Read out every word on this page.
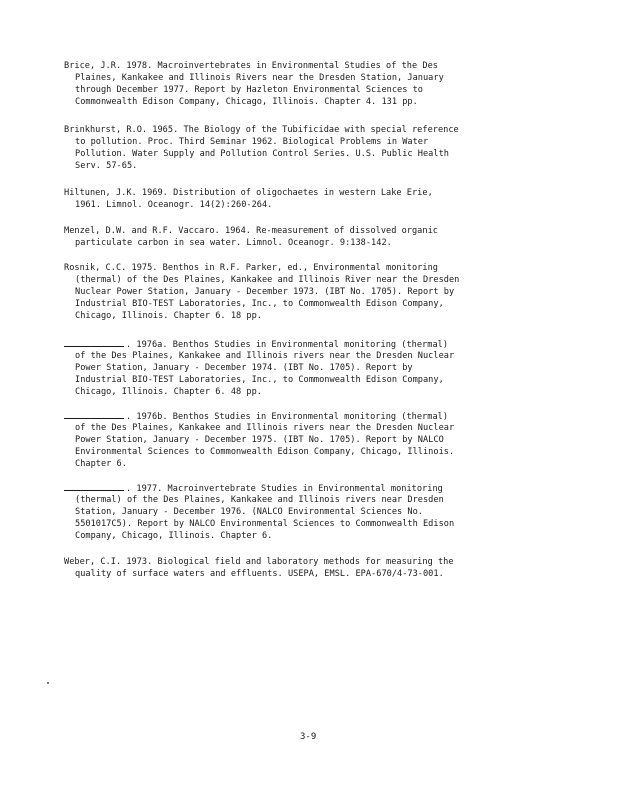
Brice, J.R. 1978. Macroinvertebrates in Environmental Studies of the Des
Plaines, Kankakee and Illinois Rivers near the Dresden Station, January
through December 1977. Report by Hazleton Environmental Sciences to
Commonwealth Edison Company, Chicago, Illinois. Chapter 4. 131 pp.
Brinkhurst, R.O. 1965. The Biology of the Tubificidae with special reference
to pollution. Proc. Third Seminar 1962. Biological Problems in Water
Pollution. Water Supply and Pollution Control Series. U.S. Public Health
Serv. 57-65.
Hiltunen, J.K. 1969. Distribution of oligochaetes in western Lake Erie,
1961. Limnol. Oceanogr. 14(2):260-264.
Menzel, D.W. and R.F. Vaccaro. 1964. Re-measurement of dissolved organic
particulate carbon in sea water. Limnol. Oceanogr. 9:138-142.
Rosnik, C.C. 1975. Benthos in R.F. Parker, ed., Environmental monitoring
(thermal) of the Des Plaines, Kankakee and Illinois River near the Dresden
Nuclear Power Station, January - December 1973. (IBT No. 1705). Report by
Industrial BIO-TEST Laboratories, Inc., to Commonwealth Edison Company,
Chicago, Illinois. Chapter 6. 18 pp.
. 1976a. Benthos Studies in Environmental monitoring (thermal)
of the Des Plaines, Kankakee and Illinois rivers near the Dresden Nuclear
Power Station, January - December 1974. (IBT No. 1705). Report by
Industrial BIO-TEST Laboratories, Inc., to Commonwealth Edison Company,
Chicago, Illinois. Chapter 6. 48 pp.
. 1976b. Benthos Studies in Environmental monitoring (thermal)
of the Des Plaines, Kankakee and Illinois rivers near the Dresden Nuclear
Power Station, January - December 1975. (IBT No. 1705). Report by NALCO
Environmental Sciences to Commonwealth Edison Company, Chicago, Illinois.
Chapter 6.
. 1977. Macroinvertebrate Studies in Environmental monitoring
(thermal) of the Des Plaines, Kankakee and Illinois rivers near Dresden
Station, January - December 1976. (NALCO Environmental Sciences No.
5501017C5). Report by NALCO Environmental Sciences to Commonwealth Edison
Company, Chicago, Illinois. Chapter 6.
Weber, C.I. 1973. Biological field and laboratory methods for measuring the
quality of surface waters and effluents. USEPA, EMSL. EPA-670/4-73-001.
3-9
